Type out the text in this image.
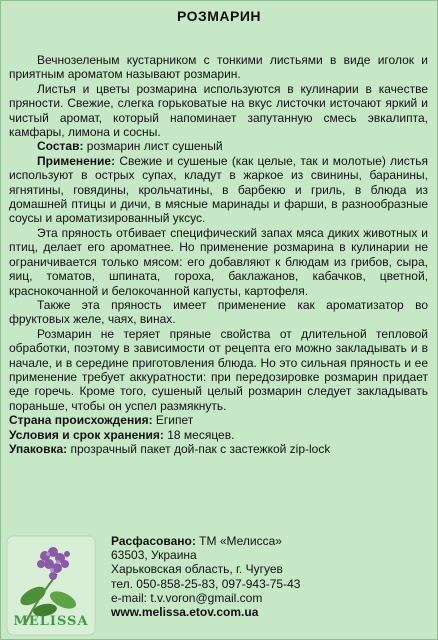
РОЗМАРИН

Вечнозеленым кустарником с тонкими листьями в виде иголок и приятным ароматом называют розмарин.

Листья и цветы розмарина используются в кулинарии в качестве пряности. Свежие, слегка горьковатые на вкус листочки источают яркий и чистый аромат, который напоминает запутанную смесь эвкалипта, камфары, лимона и сосны.

Состав: розмарин лист сушеный

Применение: Свежие и сушеные (как целые, так и молотые) листья используют в острых супах, кладут в жаркое из свинины, баранины, ягнятины, говядины, крольчатины, в барбекю и гриль, в блюда из домашней птицы и дичи, в мясные маринады и фарши, в разнообразные соусы и ароматизированный уксус.

Эта пряность отбивает специфический запах мяса диких животных и птиц, делает его ароматнее. Но применение розмарина в кулинарии не ограничивается только мясом: его добавляют к блюдам из грибов, сыра, яиц, томатов, шпината, гороха, баклажанов, кабачков, цветной, краснокочанной и белокочанной капусты, картофеля.

Также эта пряность имеет применение как ароматизатор во фруктовых желе, чаях, винах.

Розмарин не теряет пряные свойства от длительной тепловой обработки, поэтому в зависимости от рецепта его можно закладывать и в начале, и в середине приготовления блюда. Но это сильная пряность и ее применение требует аккуратности: при передозировке розмарин придает еде горечь. Кроме того, сушеный целый розмарин следует закладывать пораньше, чтобы он успел размякнуть.

Страна происхождения: Египет

Условия и срок хранения: 18 месяцев.

Упаковка: прозрачный пакет дой-пак с застежкой zip-lock

MELISSA
Расфасовано: ТМ «Мелисса»
63503, Украина
Харьковская область, г. Чугуев
тел. 050-858-25-83, 097-943-75-43
e-mail: t.v.voron@gmail.com
www.melissa.etov.com.ua
